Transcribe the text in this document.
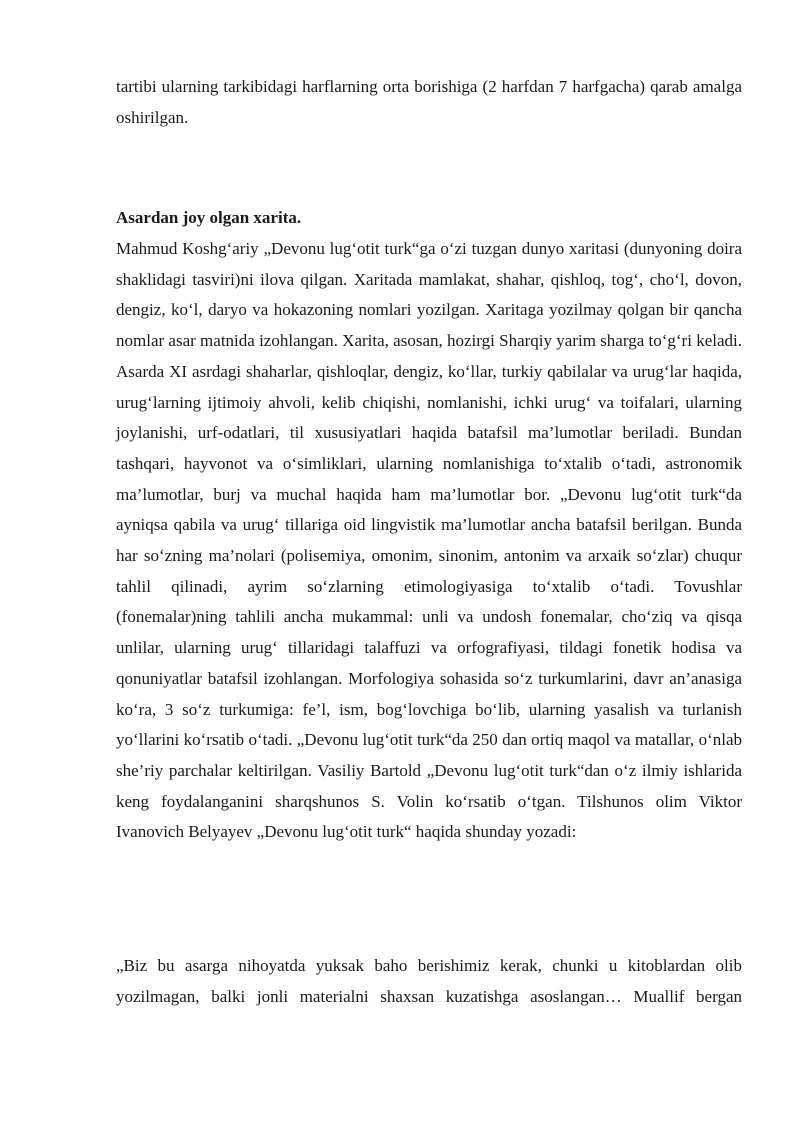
tartibi ularning tarkibidagi harflarning orta borishiga (2 harfdan 7 harfgacha) qarab amalga oshirilgan.

Asardan joy olgan xarita.

Mahmud Koshg‘ariy „Devonu lug‘otit turk“ga o‘zi tuzgan dunyo xaritasi (dunyoning doira shaklidagi tasviri)ni ilova qilgan. Xaritada mamlakat, shahar, qishloq, tog‘, cho‘l, dovon, dengiz, ko‘l, daryo va hokazoning nomlari yozilgan. Xaritaga yozilmay qolgan bir qancha nomlar asar matnida izohlangan. Xarita, asosan, hozirgi Sharqiy yarim sharga to‘g‘ri keladi. Asarda XI asrdagi shaharlar, qishloqlar, dengiz, ko‘llar, turkiy qabilalar va urug‘lar haqida, urug‘larning ijtimoiy ahvoli, kelib chiqishi, nomlanishi, ichki urug‘ va toifalari, ularning joylanishi, urf-odatlari, til xususiyatlari haqida batafsil ma’lumotlar beriladi. Bundan tashqari, hayvonot va o‘simliklari, ularning nomlanishiga to‘xtalib o‘tadi, astronomik ma’lumotlar, burj va muchal haqida ham ma’lumotlar bor. „Devonu lug‘otit turk“da ayniqsa qabila va urug‘ tillariga oid lingvistik ma’lumotlar ancha batafsil berilgan. Bunda har so‘zning ma’nolari (polisemiya, omonim, sinonim, antonim va arxaik so‘zlar) chuqur tahlil qilinadi, ayrim so‘zlarning etimologiyasiga to‘xtalib o‘tadi. Tovushlar (fonemalar)ning tahlili ancha mukammal: unli va undosh fonemalar, cho‘ziq va qisqa unlilar, ularning urug‘ tillaridagi talaffuzi va orfografiyasi, tildagi fonetik hodisa va qonuniyatlar batafsil izohlangan. Morfologiya sohasida so‘z turkumlarini, davr an’anasiga ko‘ra, 3 so‘z turkumiga: fe’l, ism, bog‘lovchiga bo‘lib, ularning yasalish va turlanish yo‘llarini ko‘rsatib o‘tadi. „Devonu lug‘otit turk“da 250 dan ortiq maqol va matallar, o‘nlab she’riy parchalar keltirilgan. Vasiliy Bartold „Devonu lug‘otit turk“dan o‘z ilmiy ishlarida keng foydalanganini sharqshunos S. Volin ko‘rsatib o‘tgan. Tilshunos olim Viktor Ivanovich Belyayev „Devonu lug‘otit turk“ haqida shunday yozadi:

„Biz bu asarga nihoyatda yuksak baho berishimiz kerak, chunki u kitoblardan olib yozilmagan, balki jonli materialni shaxsan kuzatishga asoslangan… Muallif bergan
